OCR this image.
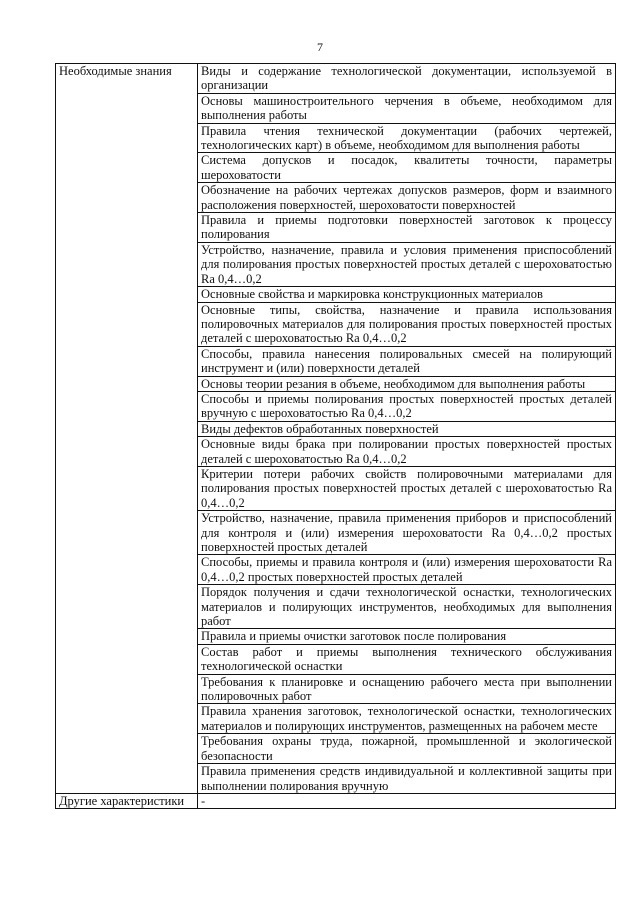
7
Необходимые знания	Виды и содержание технологической документации, используемой в организации
	Основы машиностроительного черчения в объеме, необходимом для выполнения работы
	Правила чтения технической документации (рабочих чертежей, технологических карт) в объеме, необходимом для выполнения работы
	Система допусков и посадок, квалитеты точности, параметры шероховатости
	Обозначение на рабочих чертежах допусков размеров, форм и взаимного расположения поверхностей, шероховатости поверхностей
	Правила и приемы подготовки поверхностей заготовок к процессу полирования
	Устройство, назначение, правила и условия применения приспособлений для полирования простых поверхностей простых деталей с шероховатостью Ra 0,4…0,2
	Основные свойства и маркировка конструкционных материалов
	Основные типы, свойства, назначение и правила использования полировочных материалов для полирования простых поверхностей простых деталей с шероховатостью Ra 0,4…0,2
	Способы, правила нанесения полировальных смесей на полирующий инструмент и (или) поверхности деталей
	Основы теории резания в объеме, необходимом для выполнения работы
	Способы и приемы полирования простых поверхностей простых деталей вручную с шероховатостью Ra 0,4…0,2
	Виды дефектов обработанных поверхностей
	Основные виды брака при полировании простых поверхностей простых деталей с шероховатостью Ra 0,4…0,2
	Критерии потери рабочих свойств полировочными материалами для полирования простых поверхностей простых деталей с шероховатостью Ra 0,4…0,2
	Устройство, назначение, правила применения приборов и приспособлений для контроля и (или) измерения шероховатости Ra 0,4…0,2 простых поверхностей простых деталей
	Способы, приемы и правила контроля и (или) измерения шероховатости Ra 0,4…0,2 простых поверхностей простых деталей
	Порядок получения и сдачи технологической оснастки, технологических материалов и полирующих инструментов, необходимых для выполнения работ
	Правила и приемы очистки заготовок после полирования
	Состав работ и приемы выполнения технического обслуживания технологической оснастки
	Требования к планировке и оснащению рабочего места при выполнении полировочных работ
	Правила хранения заготовок, технологической оснастки, технологических материалов и полирующих инструментов, размещенных на рабочем месте
	Требования охраны труда, пожарной, промышленной и экологической безопасности
	Правила применения средств индивидуальной и коллективной защиты при выполнении полирования вручную
Другие характеристики	-
